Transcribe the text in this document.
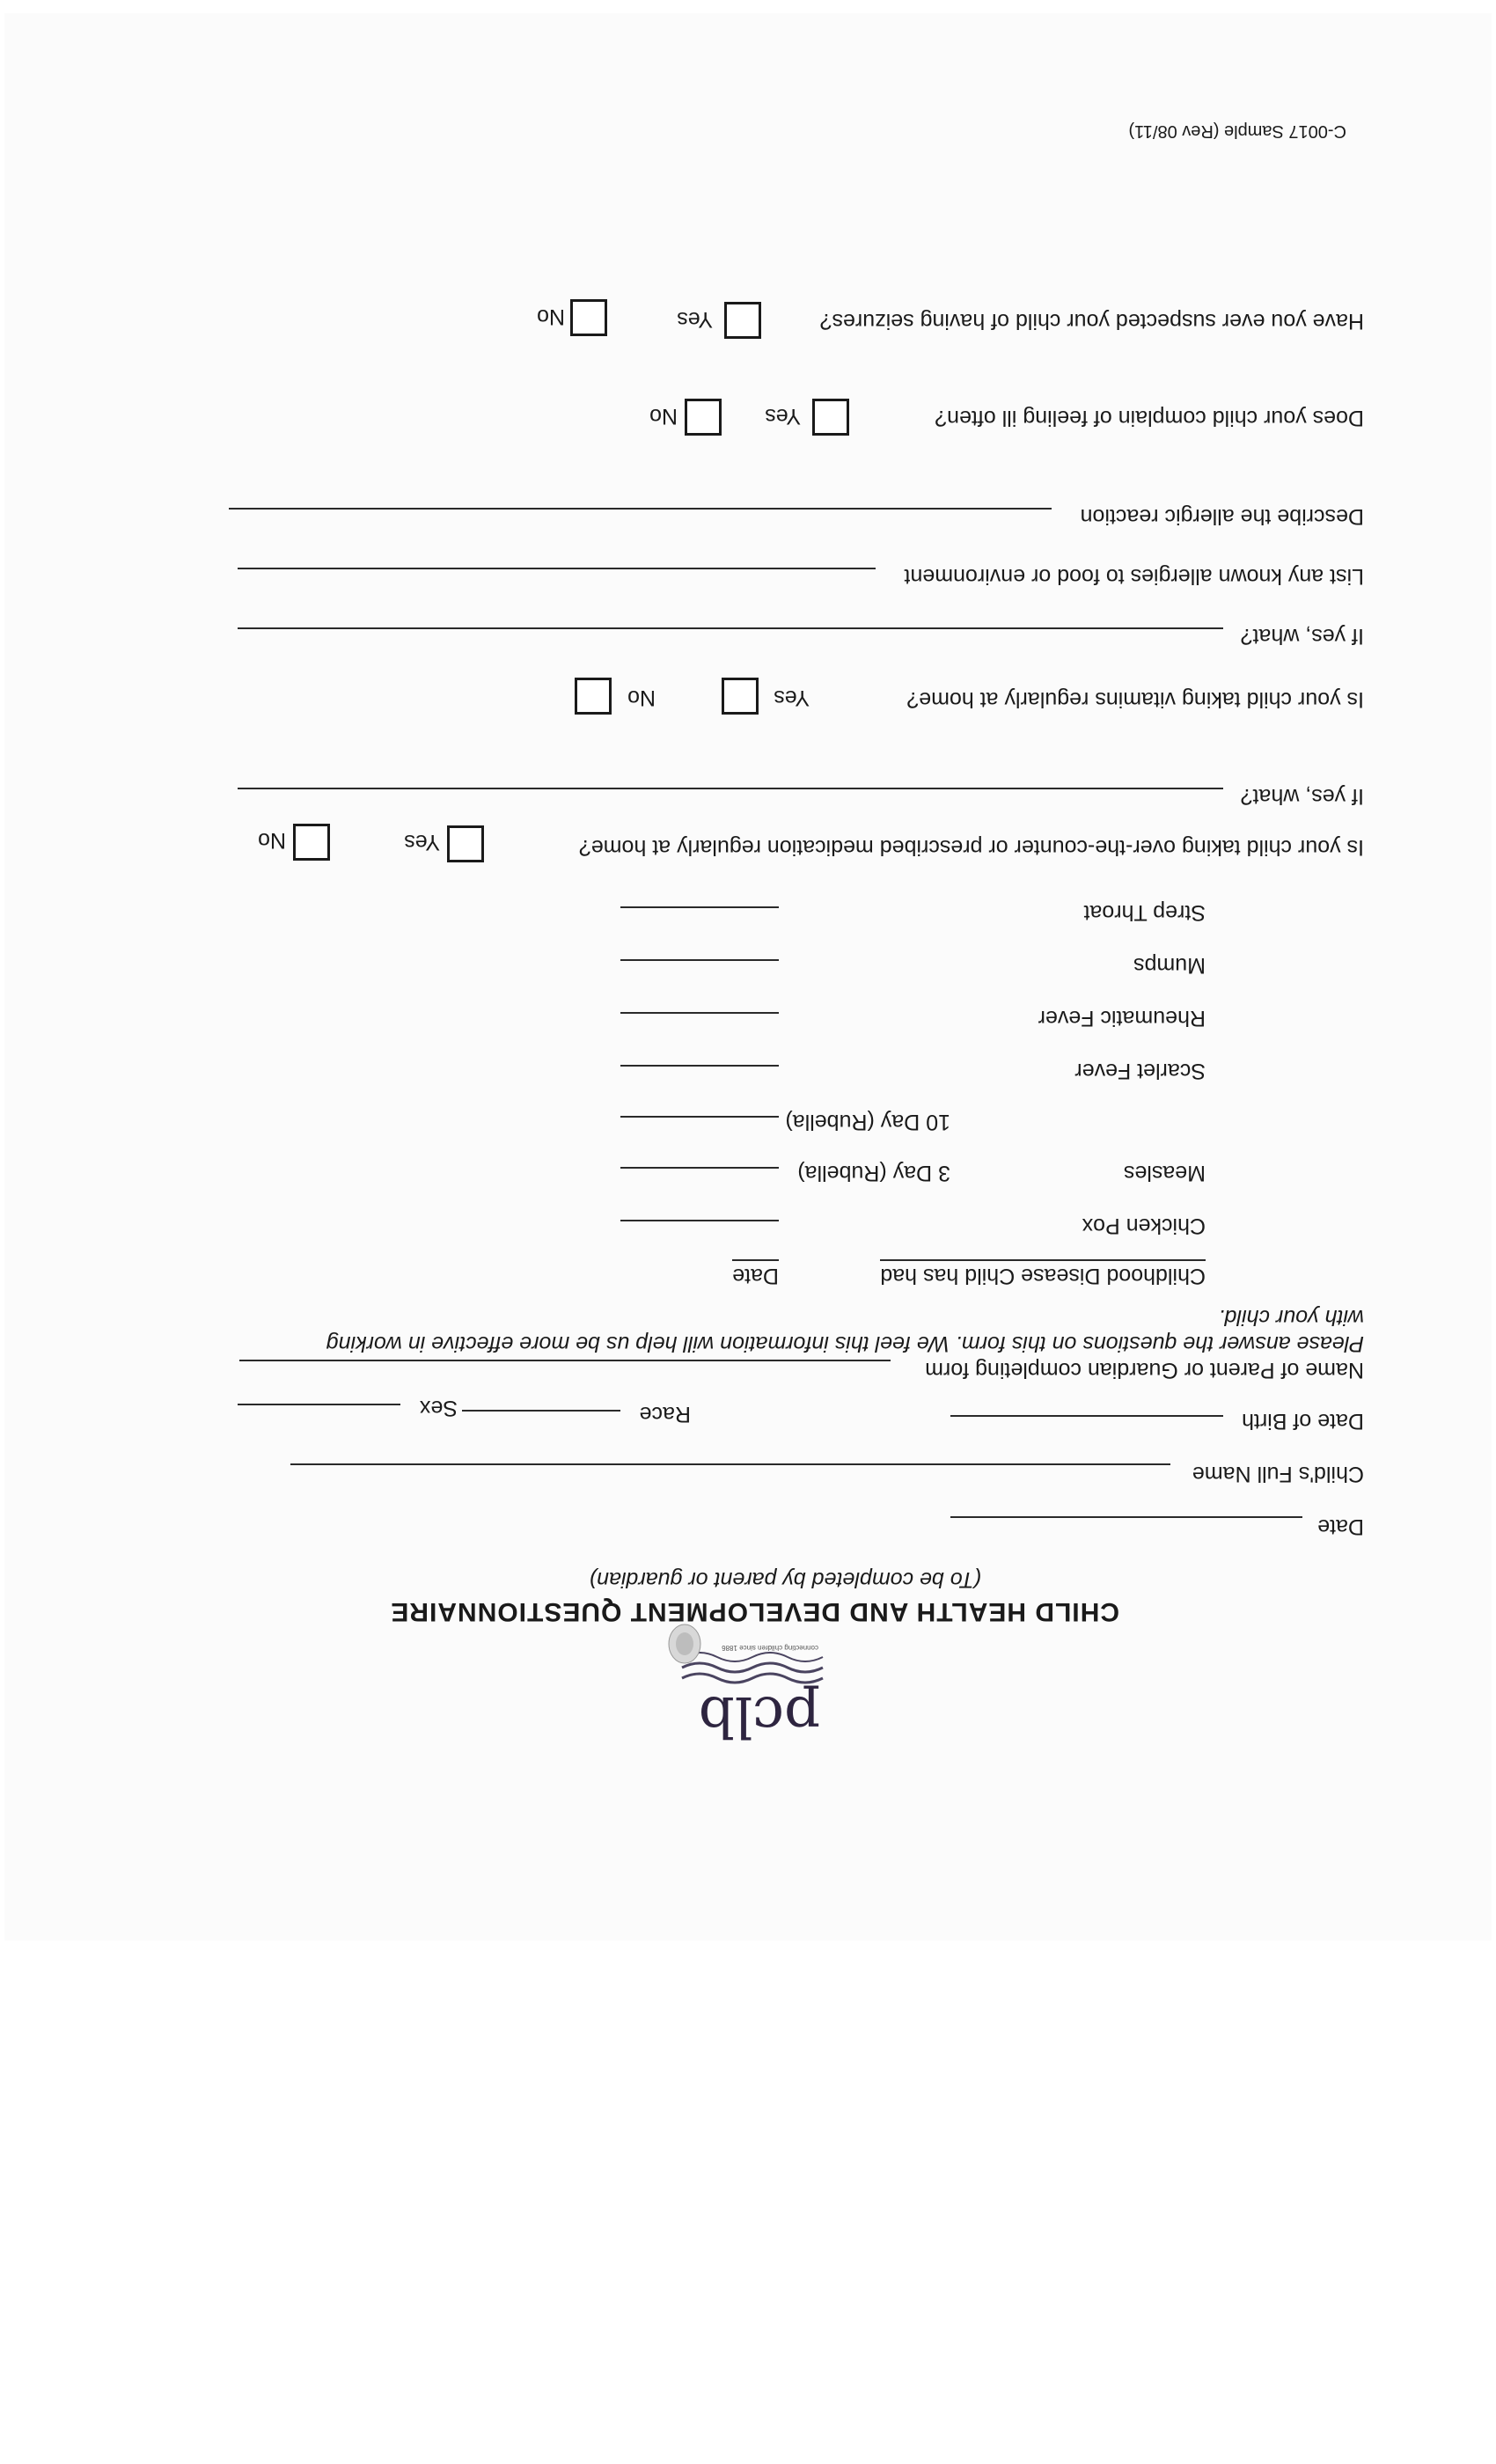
pclb
connecting children since 1886
CHILD HEALTH AND DEVELOPMENT QUESTIONNAIRE
(To be completed by parent or guardian)
Date
Child's Full Name
Date of Birth
Race
Sex
Name of Parent or Guardian completing form
Please answer the questions on this form. We feel this information will help us be more effective in working
with your child.
Childhood Disease Child has had
Date
Chicken Pox
Measles
3 Day (Rubella)
10 Day (Rubella)
Scarlet Fever
Rheumatic Fever
Mumps
Strep Throat
Is your child taking over-the-counter or prescribed medication regularly at home?
Yes
No
If yes, what?
Is your child taking vitamins regularly at home?
Yes
No
If yes, what?
List any known allergies to food or environment
Describe the allergic reaction
Does your child complain of feeling ill often?
Yes
No
Have you ever suspected your child of having seizures?
Yes
No
C-0017 Sample (Rev 08/11)
